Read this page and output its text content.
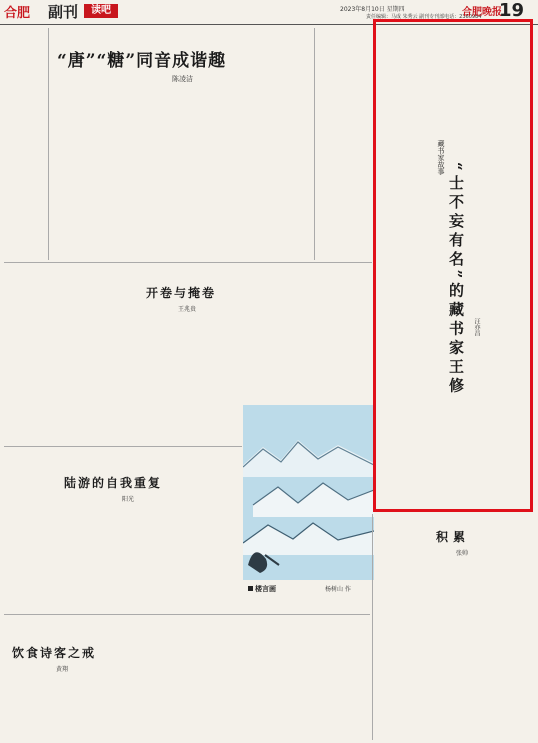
合肥 副刊	读吧	2023年8月10日 星期四
责任编辑：马成 朱秀云 副刊专刊部电话：2360984
合肥晚报
19
“唐”“糖”同音成谐趣
陈凌洁
开卷与掩卷
王兆贵
陆游的自我重复
阳光
楼言画	杨树山 作
饮食诗客之戒
黄翔
积累
张帅
藏书家故事
“士不妄有名”的藏书家王修	汪亦昌
